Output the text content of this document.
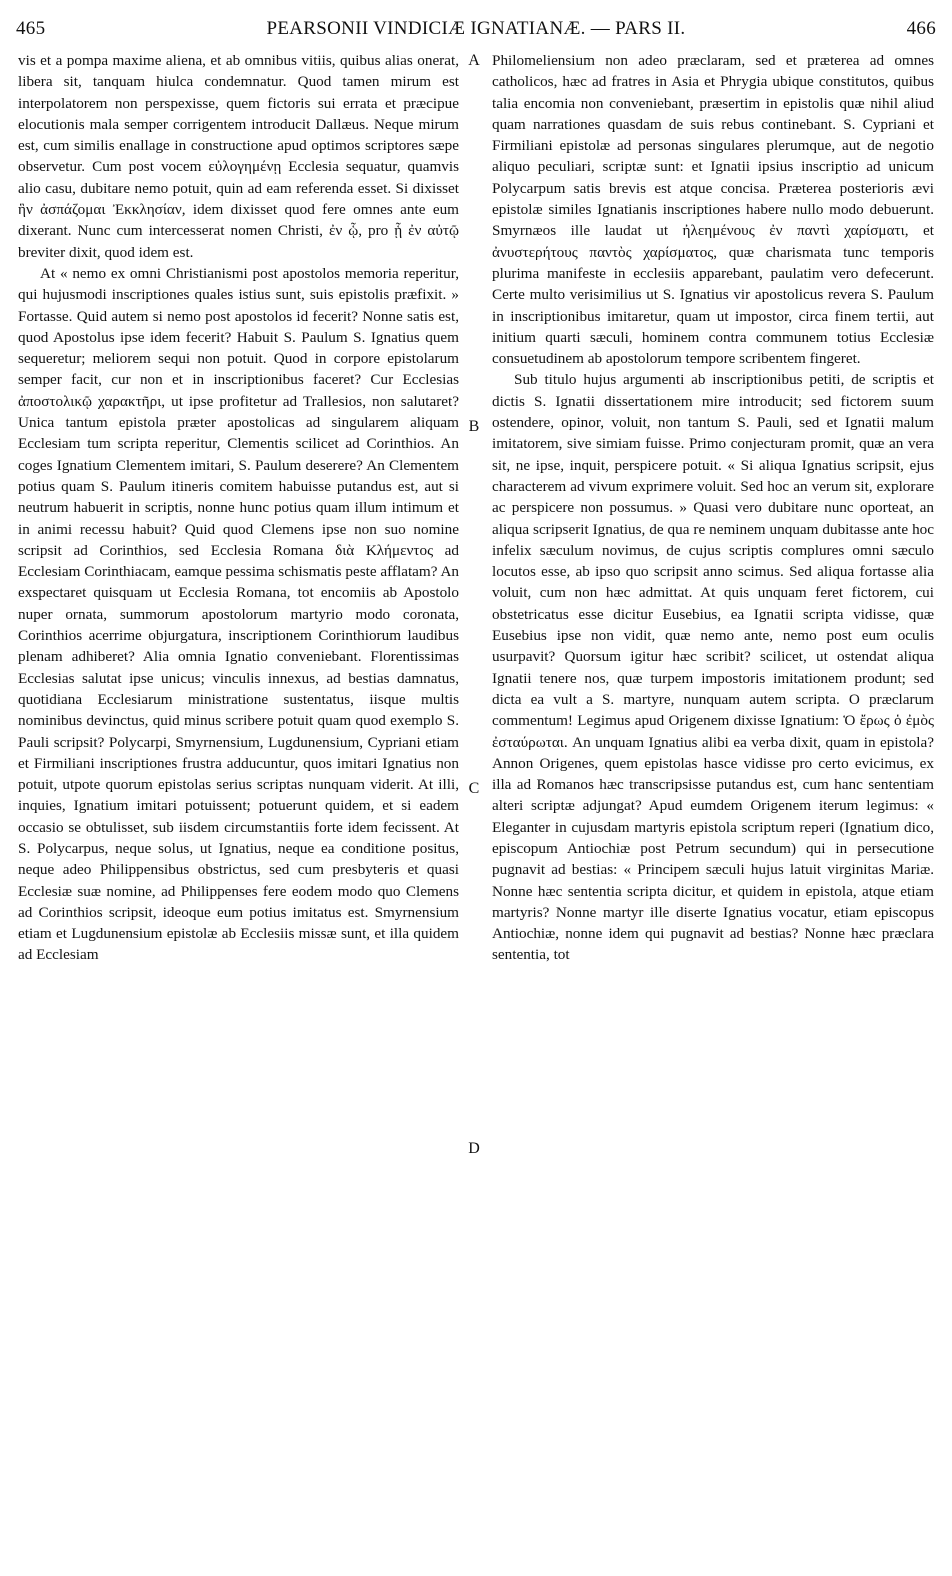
465	PEARSONII VINDICIÆ IGNATIANÆ. — PARS II.	466

vis et a pompa maxime aliena, et ab omnibus vitiis, quibus alias onerat, libera sit, tanquam hiulca condemnatur. Quod tamen mirum est interpolatorem non perspexisse, quem fictoris sui errata et præcipue elocutionis mala semper corrigentem introducit Dallæus. Neque mirum est, cum similis enallage in constructione apud optimos scriptores sæpe observetur. Cum post vocem εὐλογημένῃ Ecclesia sequatur, quamvis alio casu, dubitare nemo potuit, quin ad eam referenda esset. Si dixisset ἣν ἀσπάζομαι Ἐκκλησίαν, idem dixisset quod fere omnes ante eum dixerant. Nunc cum intercesserat nomen Christi, ἐν ᾧ, pro ᾗ ἐν αὐτῷ breviter dixit, quod idem est.

At « nemo ex omni Christianismi post apostolos memoria reperitur, qui hujusmodi inscriptiones quales istius sunt, suis epistolis præfixit. » Fortasse. Quid autem si nemo post apostolos id fecerit? Nonne satis est, quod Apostolus ipse idem fecerit? Habuit S. Paulum S. Ignatius quem sequeretur; meliorem sequi non potuit. Quod in corpore epistolarum semper facit, cur non et in inscriptionibus faceret? Cur Ecclesias ἀποστολικῷ χαρακτῆρι, ut ipse profitetur ad Trallesios, non salutaret? Unica tantum epistola præter apostolicas ad singularem aliquam Ecclesiam tum scripta reperitur, Clementis scilicet ad Corinthios. An coges Ignatium Clementem imitari, S. Paulum deserere? An Clementem potius quam S. Paulum itineris comitem habuisse putandus est, aut si neutrum habuerit in scriptis, nonne hunc potius quam illum intimum et in animi recessu habuit? Quid quod Clemens ipse non suo nomine scripsit ad Corinthios, sed Ecclesia Romana διὰ Κλήμεντος ad Ecclesiam Corinthiacam, eamque pessima schismatis peste afflatam? An exspectaret quisquam ut Ecclesia Romana, tot encomiis ab Apostolo nuper ornata, summorum apostolorum martyrio modo coronata, Corinthios acerrime objurgatura, inscriptionem Corinthiorum laudibus plenam adhiberet? Alia omnia Ignatio conveniebant. Florentissimas Ecclesias salutat ipse unicus; vinculis innexus, ad bestias damnatus, quotidiana Ecclesiarum ministratione sustentatus, iisque multis nominibus devinctus, quid minus scribere potuit quam quod exemplo S. Pauli scripsit? Polycarpi, Smyrnensium, Lugdunensium, Cypriani etiam et Firmiliani inscriptiones frustra adducuntur, quos imitari Ignatius non potuit, utpote quorum epistolas serius scriptas nunquam viderit. At illi, inquies, Ignatium imitari potuissent; potuerunt quidem, et si eadem occasio se obtulisset, sub iisdem circumstantiis forte idem fecissent. At S. Polycarpus, neque solus, ut Ignatius, neque ea conditione positus, neque adeo Philippensibus obstrictus, sed cum presbyteris et quasi Ecclesiæ suæ nomine, ad Philippenses fere eodem modo quo Clemens ad Corinthios scripsit, ideoque eum potius imitatus est. Smyrnensium etiam et Lugdunensium epistolæ ab Ecclesiis missæ sunt, et illa quidem ad Ecclesiam

A
B
C
D

Philomeliensium non adeo præclaram, sed et præterea ad omnes catholicos, hæc ad fratres in Asia et Phrygia ubique constitutos, quibus talia encomia non conveniebant, præsertim in epistolis quæ nihil aliud quam narrationes quasdam de suis rebus continebant. S. Cypriani et Firmiliani epistolæ ad personas singulares plerumque, aut de negotio aliquo peculiari, scriptæ sunt: et Ignatii ipsius inscriptio ad unicum Polycarpum satis brevis est atque concisa. Præterea posterioris ævi epistolæ similes Ignatianis inscriptiones habere nullo modo debuerunt. Smyrnæos ille laudat ut ἠλεημένους ἐν παντὶ χαρίσματι, et ἀνυστερήτους παντὸς χαρίσματος, quæ charismata tunc temporis plurima manifeste in ecclesiis apparebant, paulatim vero defecerunt. Certe multo verisimilius ut S. Ignatius vir apostolicus revera S. Paulum in inscriptionibus imitaretur, quam ut impostor, circa finem tertii, aut initium quarti sæculi, hominem contra communem totius Ecclesiæ consuetudinem ab apostolorum tempore scribentem fingeret.

Sub titulo hujus argumenti ab inscriptionibus petiti, de scriptis et dictis S. Ignatii dissertationem mire introducit; sed fictorem suum ostendere, opinor, voluit, non tantum S. Pauli, sed et Ignatii malum imitatorem, sive simiam fuisse. Primo conjecturam promit, quæ an vera sit, ne ipse, inquit, perspicere potuit. « Si aliqua Ignatius scripsit, ejus characterem ad vivum exprimere voluit. Sed hoc an verum sit, explorare ac perspicere non possumus. » Quasi vero dubitare nunc oporteat, an aliqua scripserit Ignatius, de qua re neminem unquam dubitasse ante hoc infelix sæculum novimus, de cujus scriptis complures omni sæculo locutos esse, ab ipso quo scripsit anno scimus. Sed aliqua fortasse alia voluit, cum non hæc admittat. At quis unquam feret fictorem, cui obstetricatus esse dicitur Eusebius, ea Ignatii scripta vidisse, quæ Eusebius ipse non vidit, quæ nemo ante, nemo post eum oculis usurpavit? Quorsum igitur hæc scribit? scilicet, ut ostendat aliqua Ignatii tenere nos, quæ turpem impostoris imitationem produnt; sed dicta ea vult a S. martyre, nunquam autem scripta. O præclarum commentum! Legimus apud Origenem dixisse Ignatium: Ὁ ἔρως ὁ ἐμὸς ἐσταύρωται. An unquam Ignatius alibi ea verba dixit, quam in epistola? Annon Origenes, quem epistolas hasce vidisse pro certo evicimus, ex illa ad Romanos hæc transcripsisse putandus est, cum hanc sententiam alteri scriptæ adjungat? Apud eumdem Origenem iterum legimus: « Eleganter in cujusdam martyris epistola scriptum reperi (Ignatium dico, episcopum Antiochiæ post Petrum secundum) qui in persecutione pugnavit ad bestias: « Principem sæculi hujus latuit virginitas Mariæ. Nonne hæc sententia scripta dicitur, et quidem in epistola, atque etiam martyris? Nonne martyr ille diserte Ignatius vocatur, etiam episcopus Antiochiæ, nonne idem qui pugnavit ad bestias? Nonne hæc præclara sententia, tot
